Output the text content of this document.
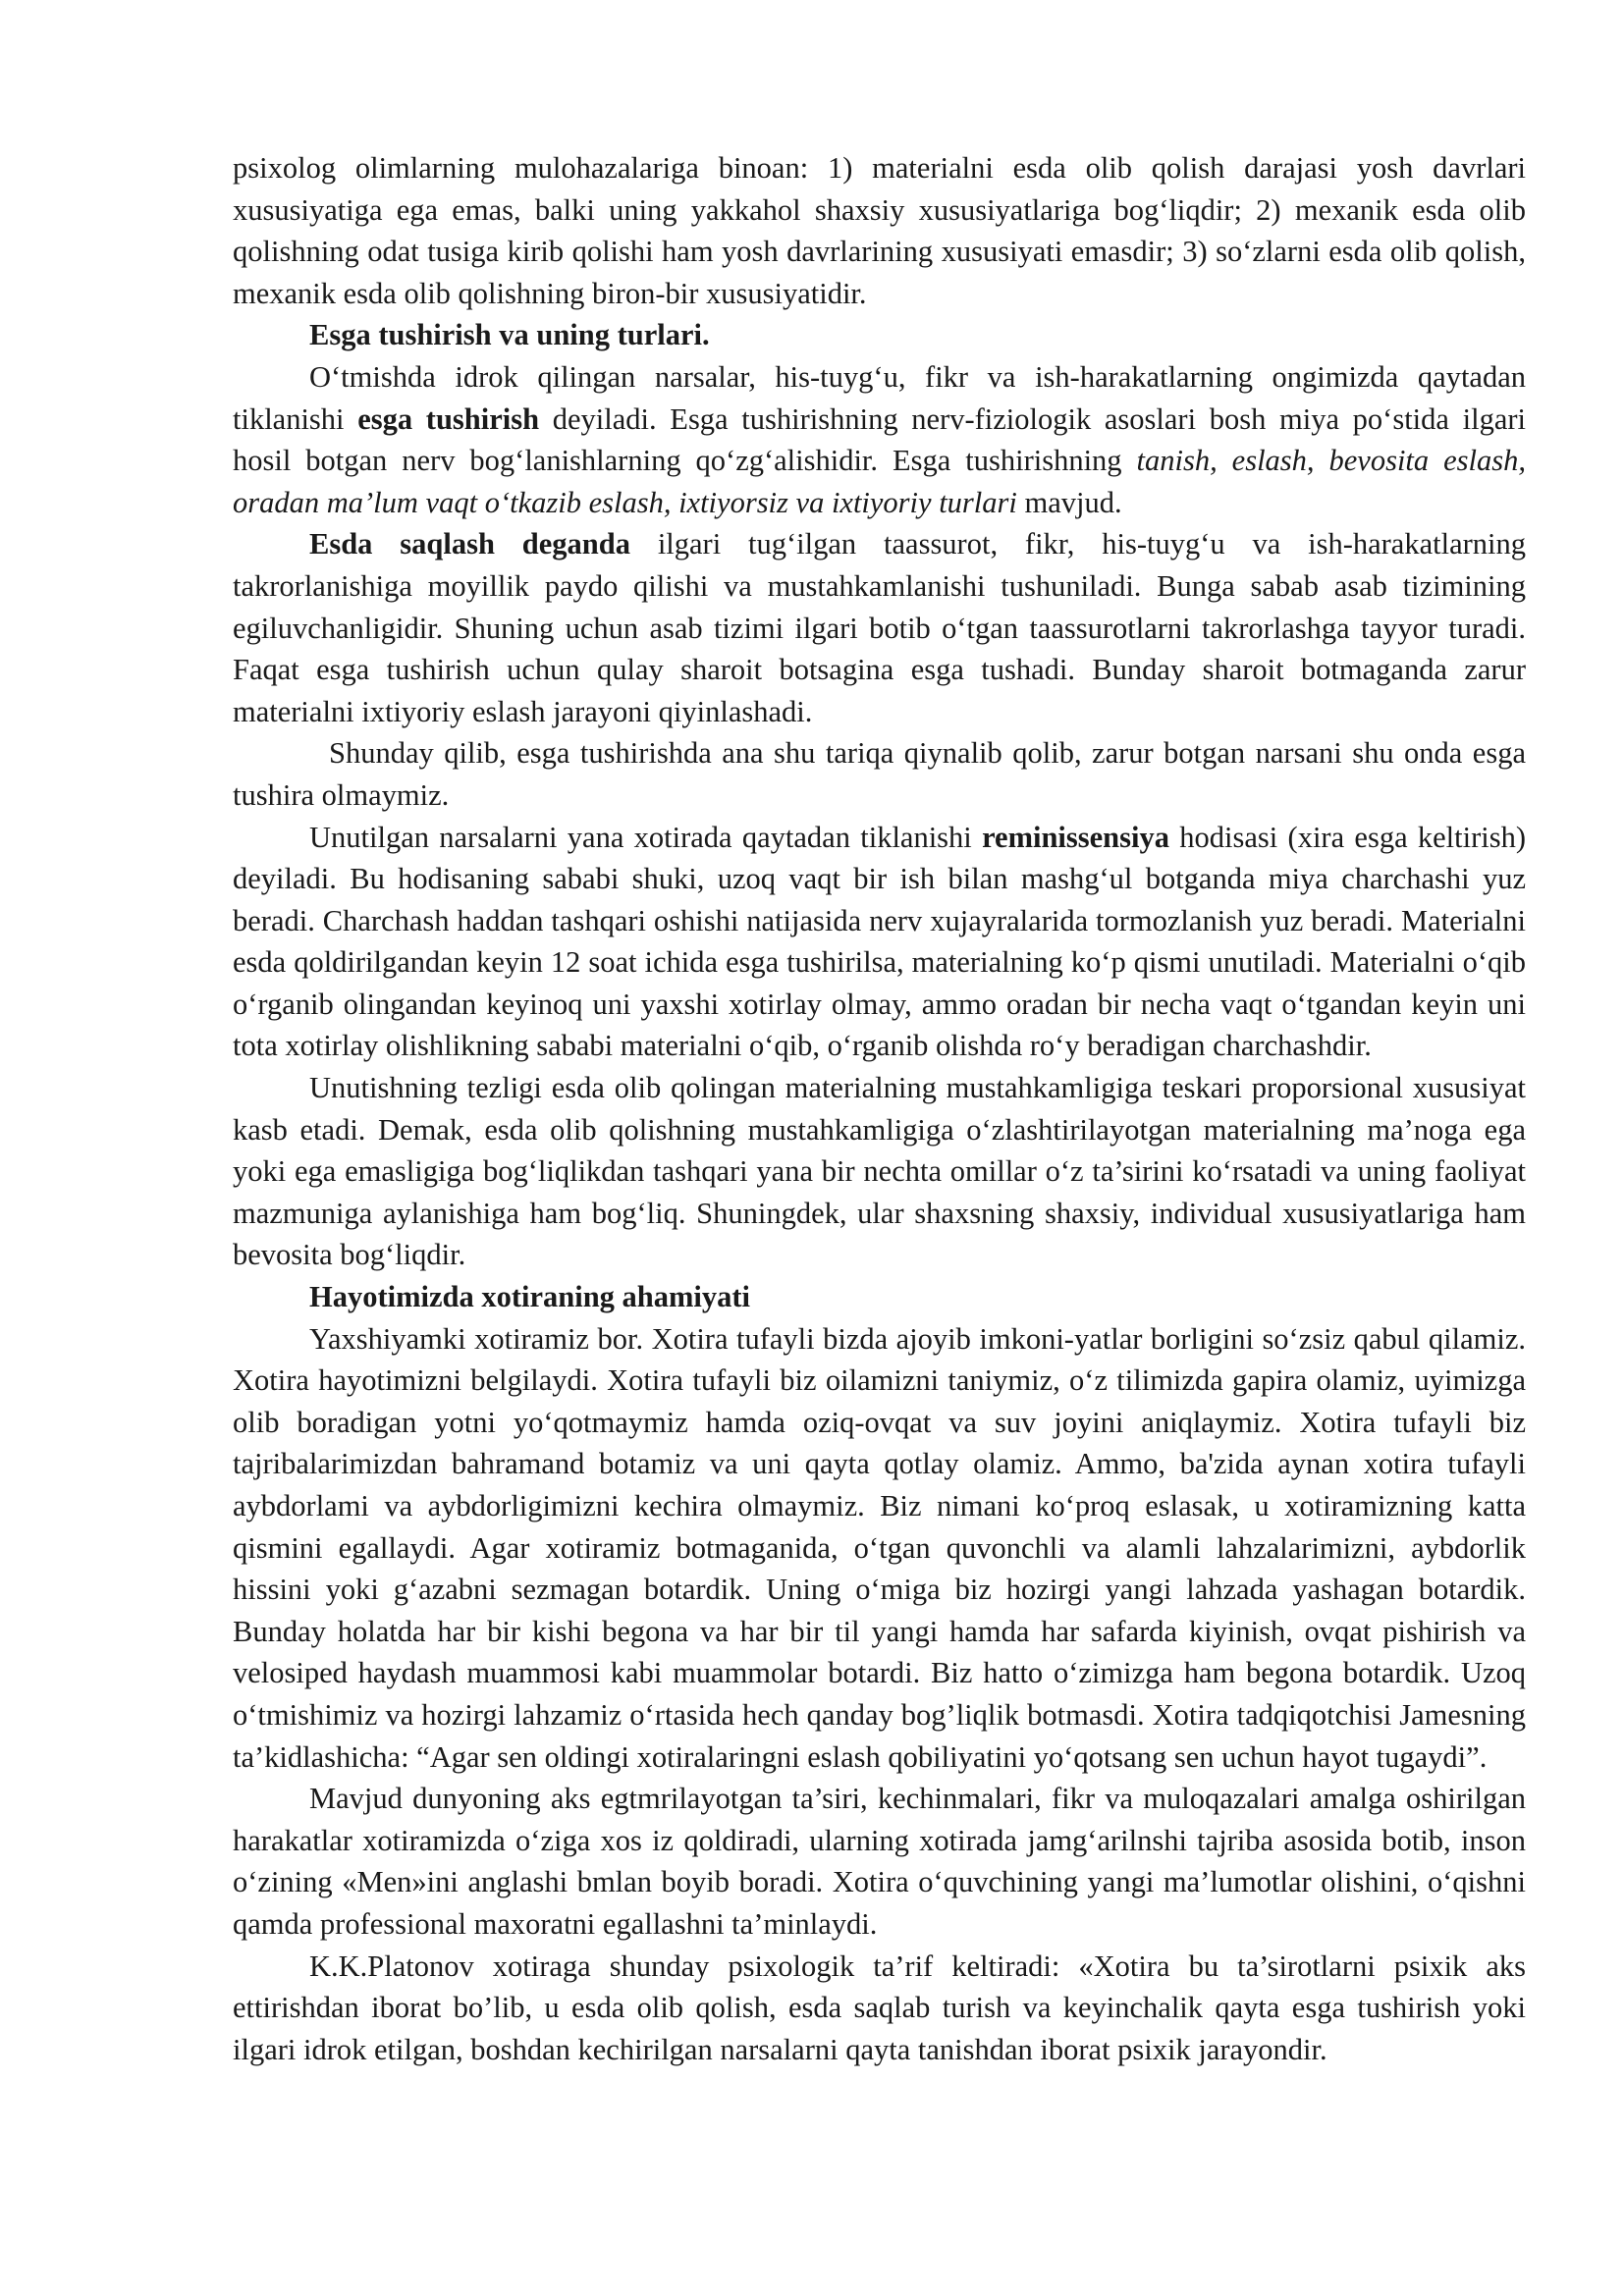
psixolog olimlarning mulohazalariga binoan: 1) materialni esda olib qolish darajasi yosh davrlari xususiyatiga ega emas, balki uning yakkahol shaxsiy xususiyatlariga bog‘liqdir; 2) mexanik esda olib qolishning odat tusiga kirib qolishi ham yosh davrlarining xususiyati emasdir; 3) so‘zlarni esda olib qolish, mexanik esda olib qolishning biron-bir xususiyatidir.

Esga tushirish va uning turlari.

O‘tmishda idrok qilingan narsalar, his-tuyg‘u, fikr va ish-harakatlarning ongimizda qaytadan tiklanishi esga tushirish deyiladi. Esga tushirishning nerv-fiziologik asoslari bosh miya po‘stida ilgari hosil botgan nerv bog‘lanishlarning qo‘zg‘alishidir. Esga tushirishning tanish, eslash, bevosita eslash, oradan ma’lum vaqt o‘tkazib eslash, ixtiyorsiz va ixtiyoriy turlari mavjud.

Esda saqlash deganda ilgari tug‘ilgan taassurot, fikr, his-tuyg‘u va ish-harakatlarning takrorlanishiga moyillik paydo qilishi va mustahkamlanishi tushuniladi. Bunga sabab asab tizimining egiluvchanligidir. Shuning uchun asab tizimi ilgari botib o‘tgan taassurotlarni takrorlashga tayyor turadi. Faqat esga tushirish uchun qulay sharoit botsagina esga tushadi. Bunday sharoit botmaganda zarur materialni ixtiyoriy eslash jarayoni qiyinlashadi.

Shunday qilib, esga tushirishda ana shu tariqa qiynalib qolib, zarur botgan narsani shu onda esga tushira olmaymiz.

Unutilgan narsalarni yana xotirada qaytadan tiklanishi reminissensiya hodisasi (xira esga keltirish) deyiladi. Bu hodisaning sababi shuki, uzoq vaqt bir ish bilan mashg‘ul botganda miya charchashi yuz beradi. Charchash haddan tashqari oshishi natijasida nerv xujayralarida tormozlanish yuz beradi. Materialni esda qoldirilgandan keyin 12 soat ichida esga tushirilsa, materialning ko‘p qismi unutiladi. Materialni o‘qib o‘rganib olingandan keyinoq uni yaxshi xotirlay olmay, ammo oradan bir necha vaqt o‘tgandan keyin uni tota xotirlay olishlikning sababi materialni o‘qib, o‘rganib olishda ro‘y beradigan charchashdir.

Unutishning tezligi esda olib qolingan materialning mustahkamligiga teskari proporsional xususiyat kasb etadi. Demak, esda olib qolishning mustahkamligiga o‘zlashtirilayotgan materialning ma’noga ega yoki ega emasligiga bog‘liqlikdan tashqari yana bir nechta omillar o‘z ta’sirini ko‘rsatadi va uning faoliyat mazmuniga aylanishiga ham bog‘liq. Shuningdek, ular shaxsning shaxsiy, individual xususiyatlariga ham bevosita bog‘liqdir.

Hayotimizda xotiraning ahamiyati

Yaxshiyamki xotiramiz bor. Xotira tufayli bizda ajoyib imkoni-yatlar borligini so‘zsiz qabul qilamiz. Xotira hayotimizni belgilaydi. Xotira tufayli biz oilamizni taniymiz, o‘z tilimizda gapira olamiz, uyimizga olib boradigan yotni yo‘qotmaymiz hamda oziq-ovqat va suv joyini aniqlaymiz. Xotira tufayli biz tajribalarimizdan bahramand botamiz va uni qayta qotlay olamiz. Ammo, ba'zida aynan xotira tufayli aybdorlami va aybdorligimizni kechira olmaymiz. Biz nimani ko‘proq eslasak, u xotiramizning katta qismini egallaydi. Agar xotiramiz botmaganida, o‘tgan quvonchli va alamli lahzalarimizni, aybdorlik hissini yoki g‘azabni sezmagan botardik. Uning o‘miga biz hozirgi yangi lahzada yashagan botardik. Bunday holatda har bir kishi begona va har bir til yangi hamda har safarda kiyinish, ovqat pishirish va velosiped haydash muammosi kabi muammolar botardi. Biz hatto o‘zimizga ham begona botardik. Uzoq o‘tmishimiz va hozirgi lahzamiz o‘rtasida hech qanday bog’liqlik botmasdi. Xotira tadqiqotchisi Jamesning ta’kidlashicha: “Agar sen oldingi xotiralaringni eslash qobiliyatini yo‘qotsang sen uchun hayot tugaydi”.

Mavjud dunyoning aks egtmrilayotgan ta’siri, kechinmalari, fikr va muloqazalari amalga oshirilgan harakatlar xotiramizda o‘ziga xos iz qoldiradi, ularning xotirada jamg‘arilnshi tajriba asosida botib, inson o‘zining «Men»ini anglashi bmlan boyib boradi. Xotira o‘quvchining yangi ma’lumotlar olishini, o‘qishni qamda professional maxoratni egallashni ta’minlaydi.

K.K.Platonov xotiraga shunday psixologik ta’rif keltiradi: «Xotira bu ta’sirotlarni psixik aks ettirishdan iborat bo’lib, u esda olib qolish, esda saqlab turish va keyinchalik qayta esga tushirish yoki ilgari idrok etilgan, boshdan kechirilgan narsalarni qayta tanishdan iborat psixik jarayondir.
